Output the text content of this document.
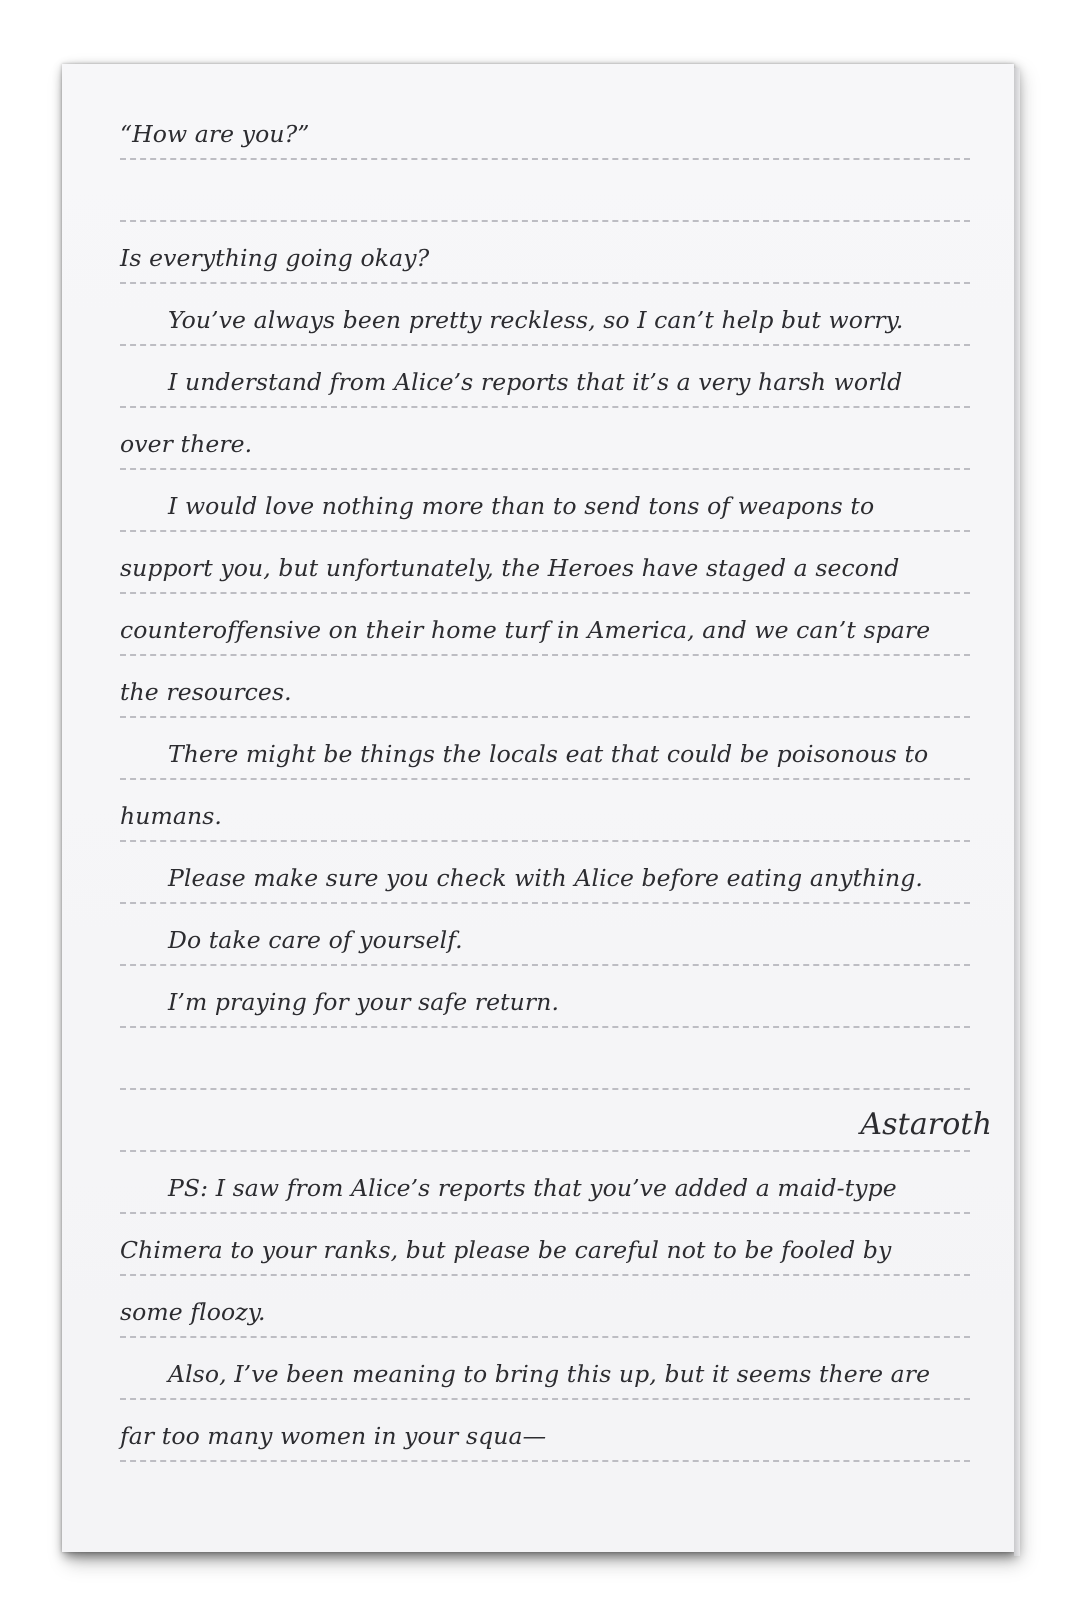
“How are you?”
Is everything going okay?
You’ve always been pretty reckless, so I can’t help but worry.
I understand from Alice’s reports that it’s a very harsh world
over there.
I would love nothing more than to send tons of weapons to
support you, but unfortunately, the Heroes have staged a second
counteroffensive on their home turf in America, and we can’t spare
the resources.
There might be things the locals eat that could be poisonous to
humans.
Please make sure you check with Alice before eating anything.
Do take care of yourself.
I’m praying for your safe return.
Astaroth
PS: I saw from Alice’s reports that you’ve added a maid-type
Chimera to your ranks, but please be careful not to be fooled by
some floozy.
Also, I’ve been meaning to bring this up, but it seems there are
far too many women in your squa—
